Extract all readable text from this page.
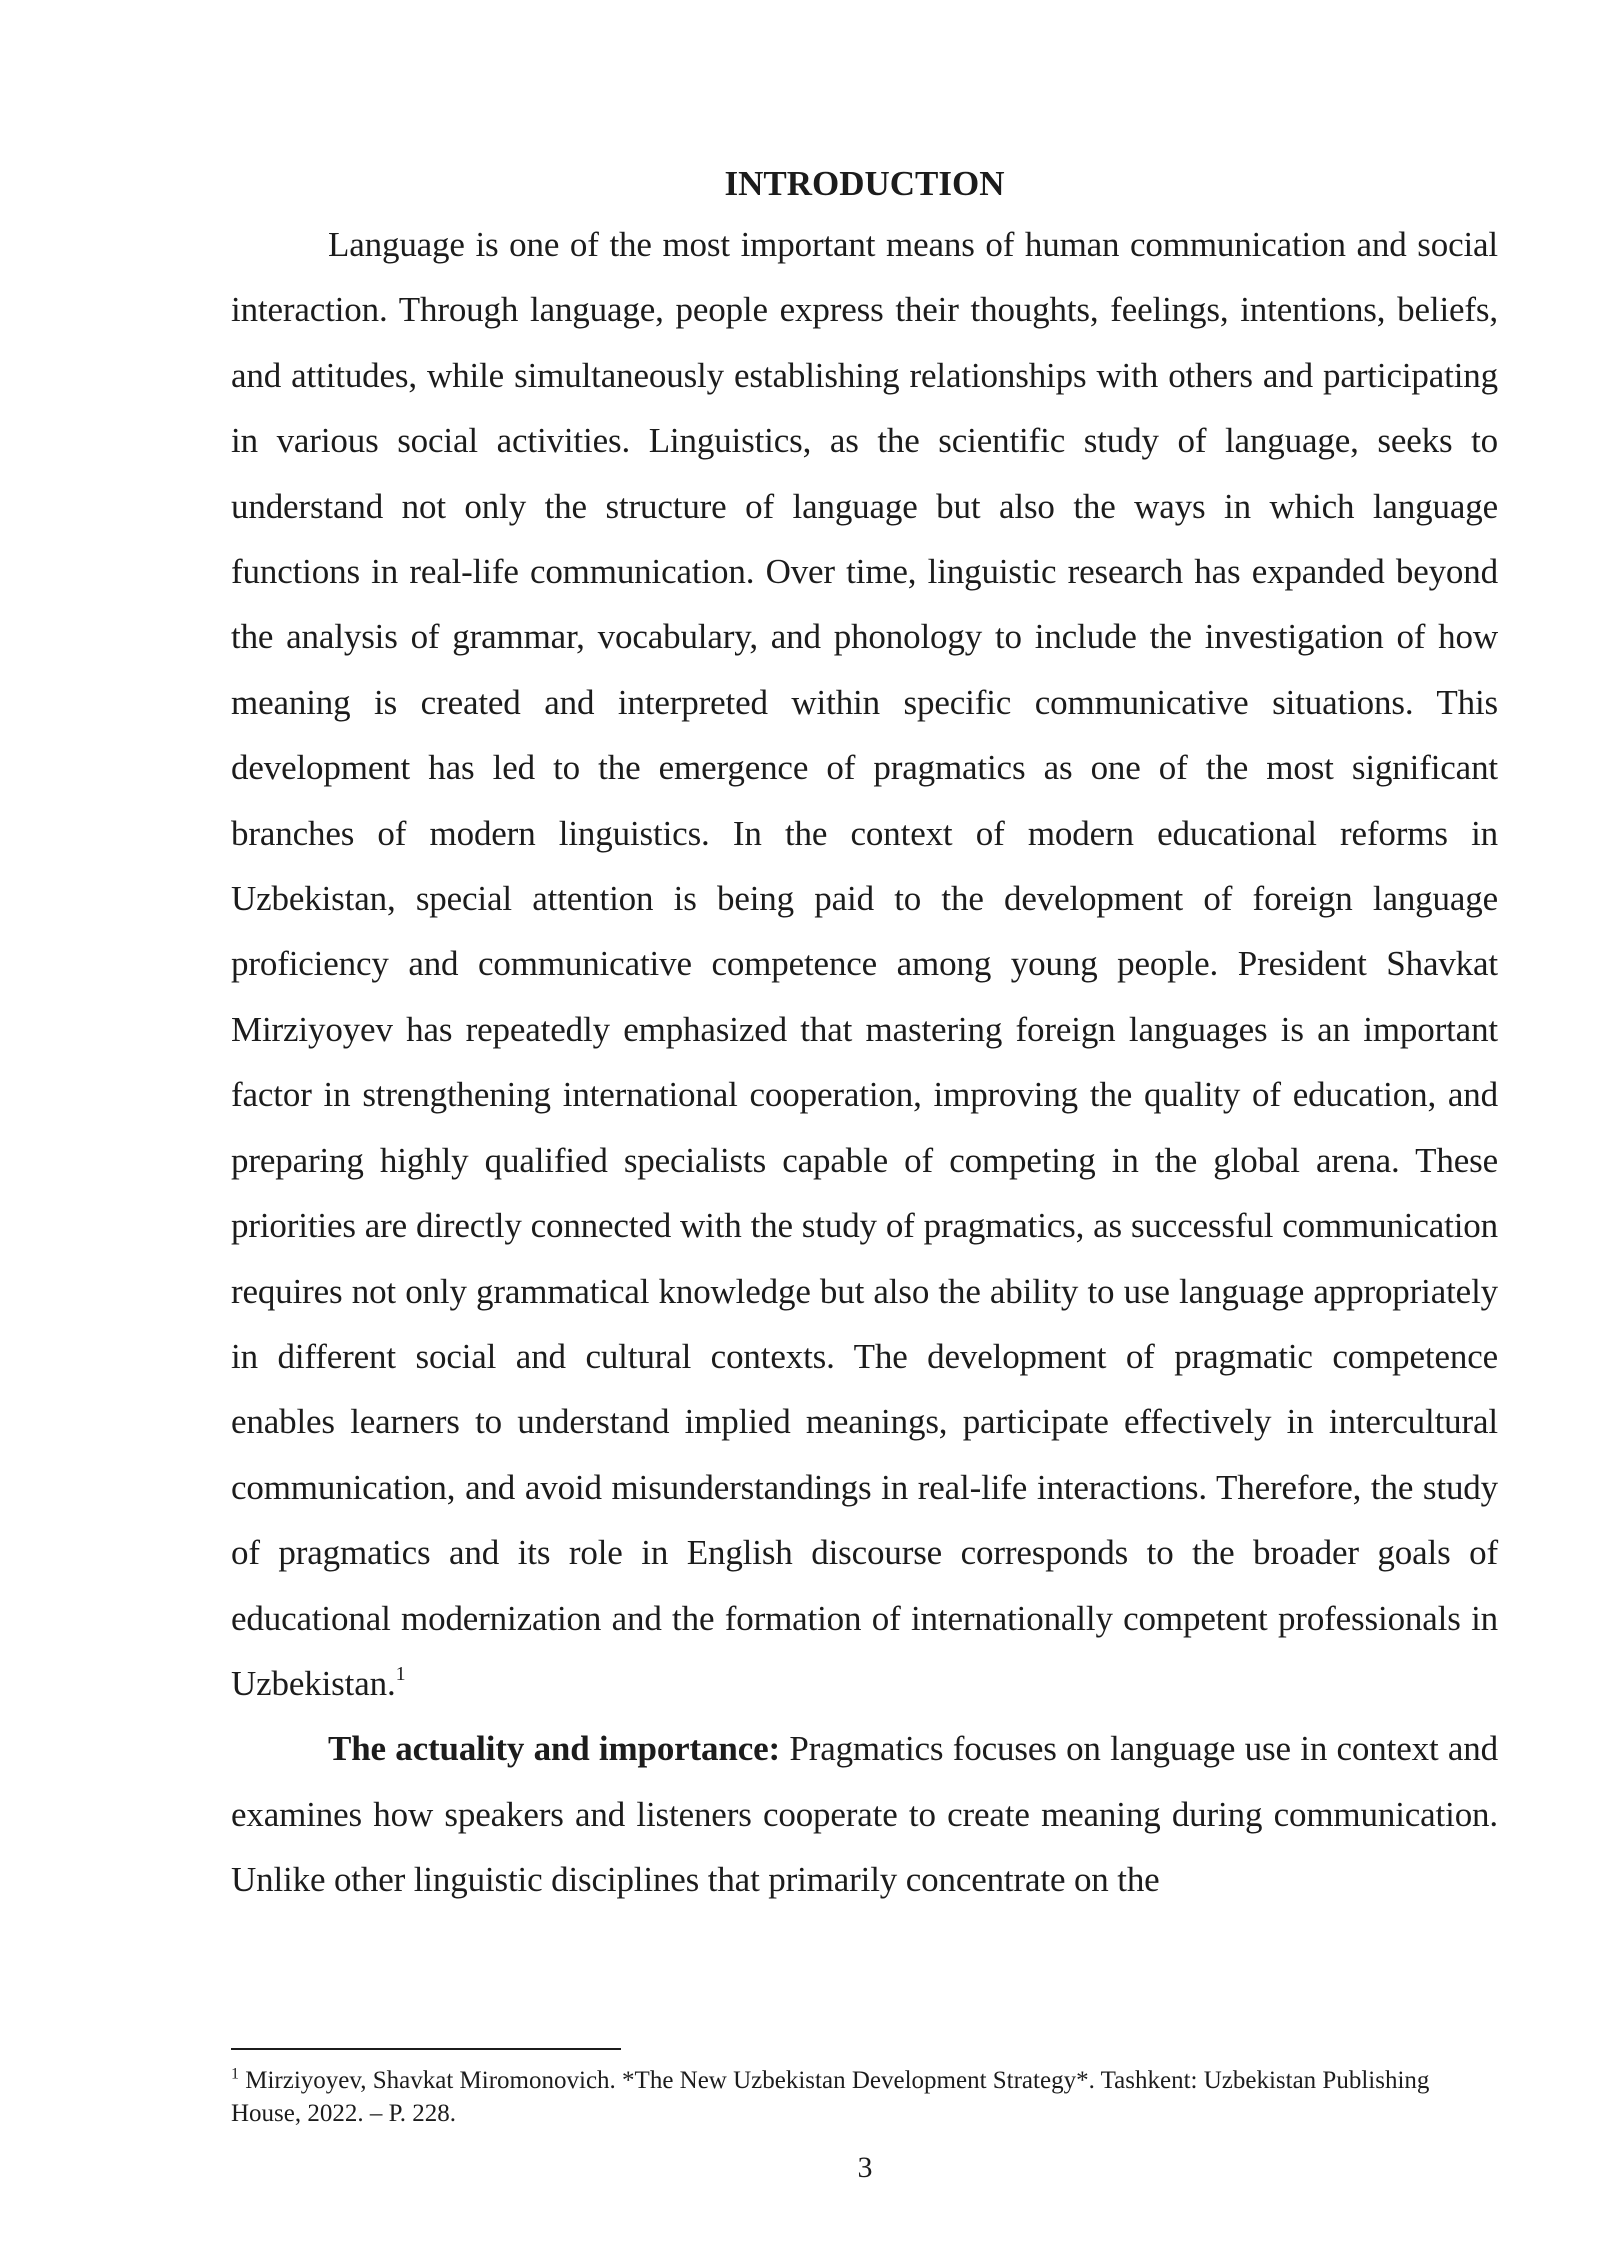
INTRODUCTION

Language is one of the most important means of human communication and social interaction. Through language, people express their thoughts, feelings, intentions, beliefs, and attitudes, while simultaneously establishing relationships with others and participating in various social activities. Linguistics, as the scientific study of language, seeks to understand not only the structure of language but also the ways in which language functions in real-life communication. Over time, linguistic research has expanded beyond the analysis of grammar, vocabulary, and phonology to include the investigation of how meaning is created and interpreted within specific communicative situations. This development has led to the emergence of pragmatics as one of the most significant branches of modern linguistics. In the context of modern educational reforms in Uzbekistan, special attention is being paid to the development of foreign language proficiency and communicative competence among young people. President Shavkat Mirziyoyev has repeatedly emphasized that mastering foreign languages is an important factor in strengthening international cooperation, improving the quality of education, and preparing highly qualified specialists capable of competing in the global arena. These priorities are directly connected with the study of pragmatics, as successful communication requires not only grammatical knowledge but also the ability to use language appropriately in different social and cultural contexts. The development of pragmatic competence enables learners to understand implied meanings, participate effectively in intercultural communication, and avoid misunderstandings in real-life interactions. Therefore, the study of pragmatics and its role in English discourse corresponds to the broader goals of educational modernization and the formation of internationally competent professionals in Uzbekistan.$^1$

The actuality and importance: Pragmatics focuses on language use in context and examines how speakers and listeners cooperate to create meaning during communication. Unlike other linguistic disciplines that primarily concentrate on the

$^1$ Mirziyoyev, Shavkat Miromonovich. *The New Uzbekistan Development Strategy*. Tashkent: Uzbekistan Publishing House, 2022. – P. 228.

3
